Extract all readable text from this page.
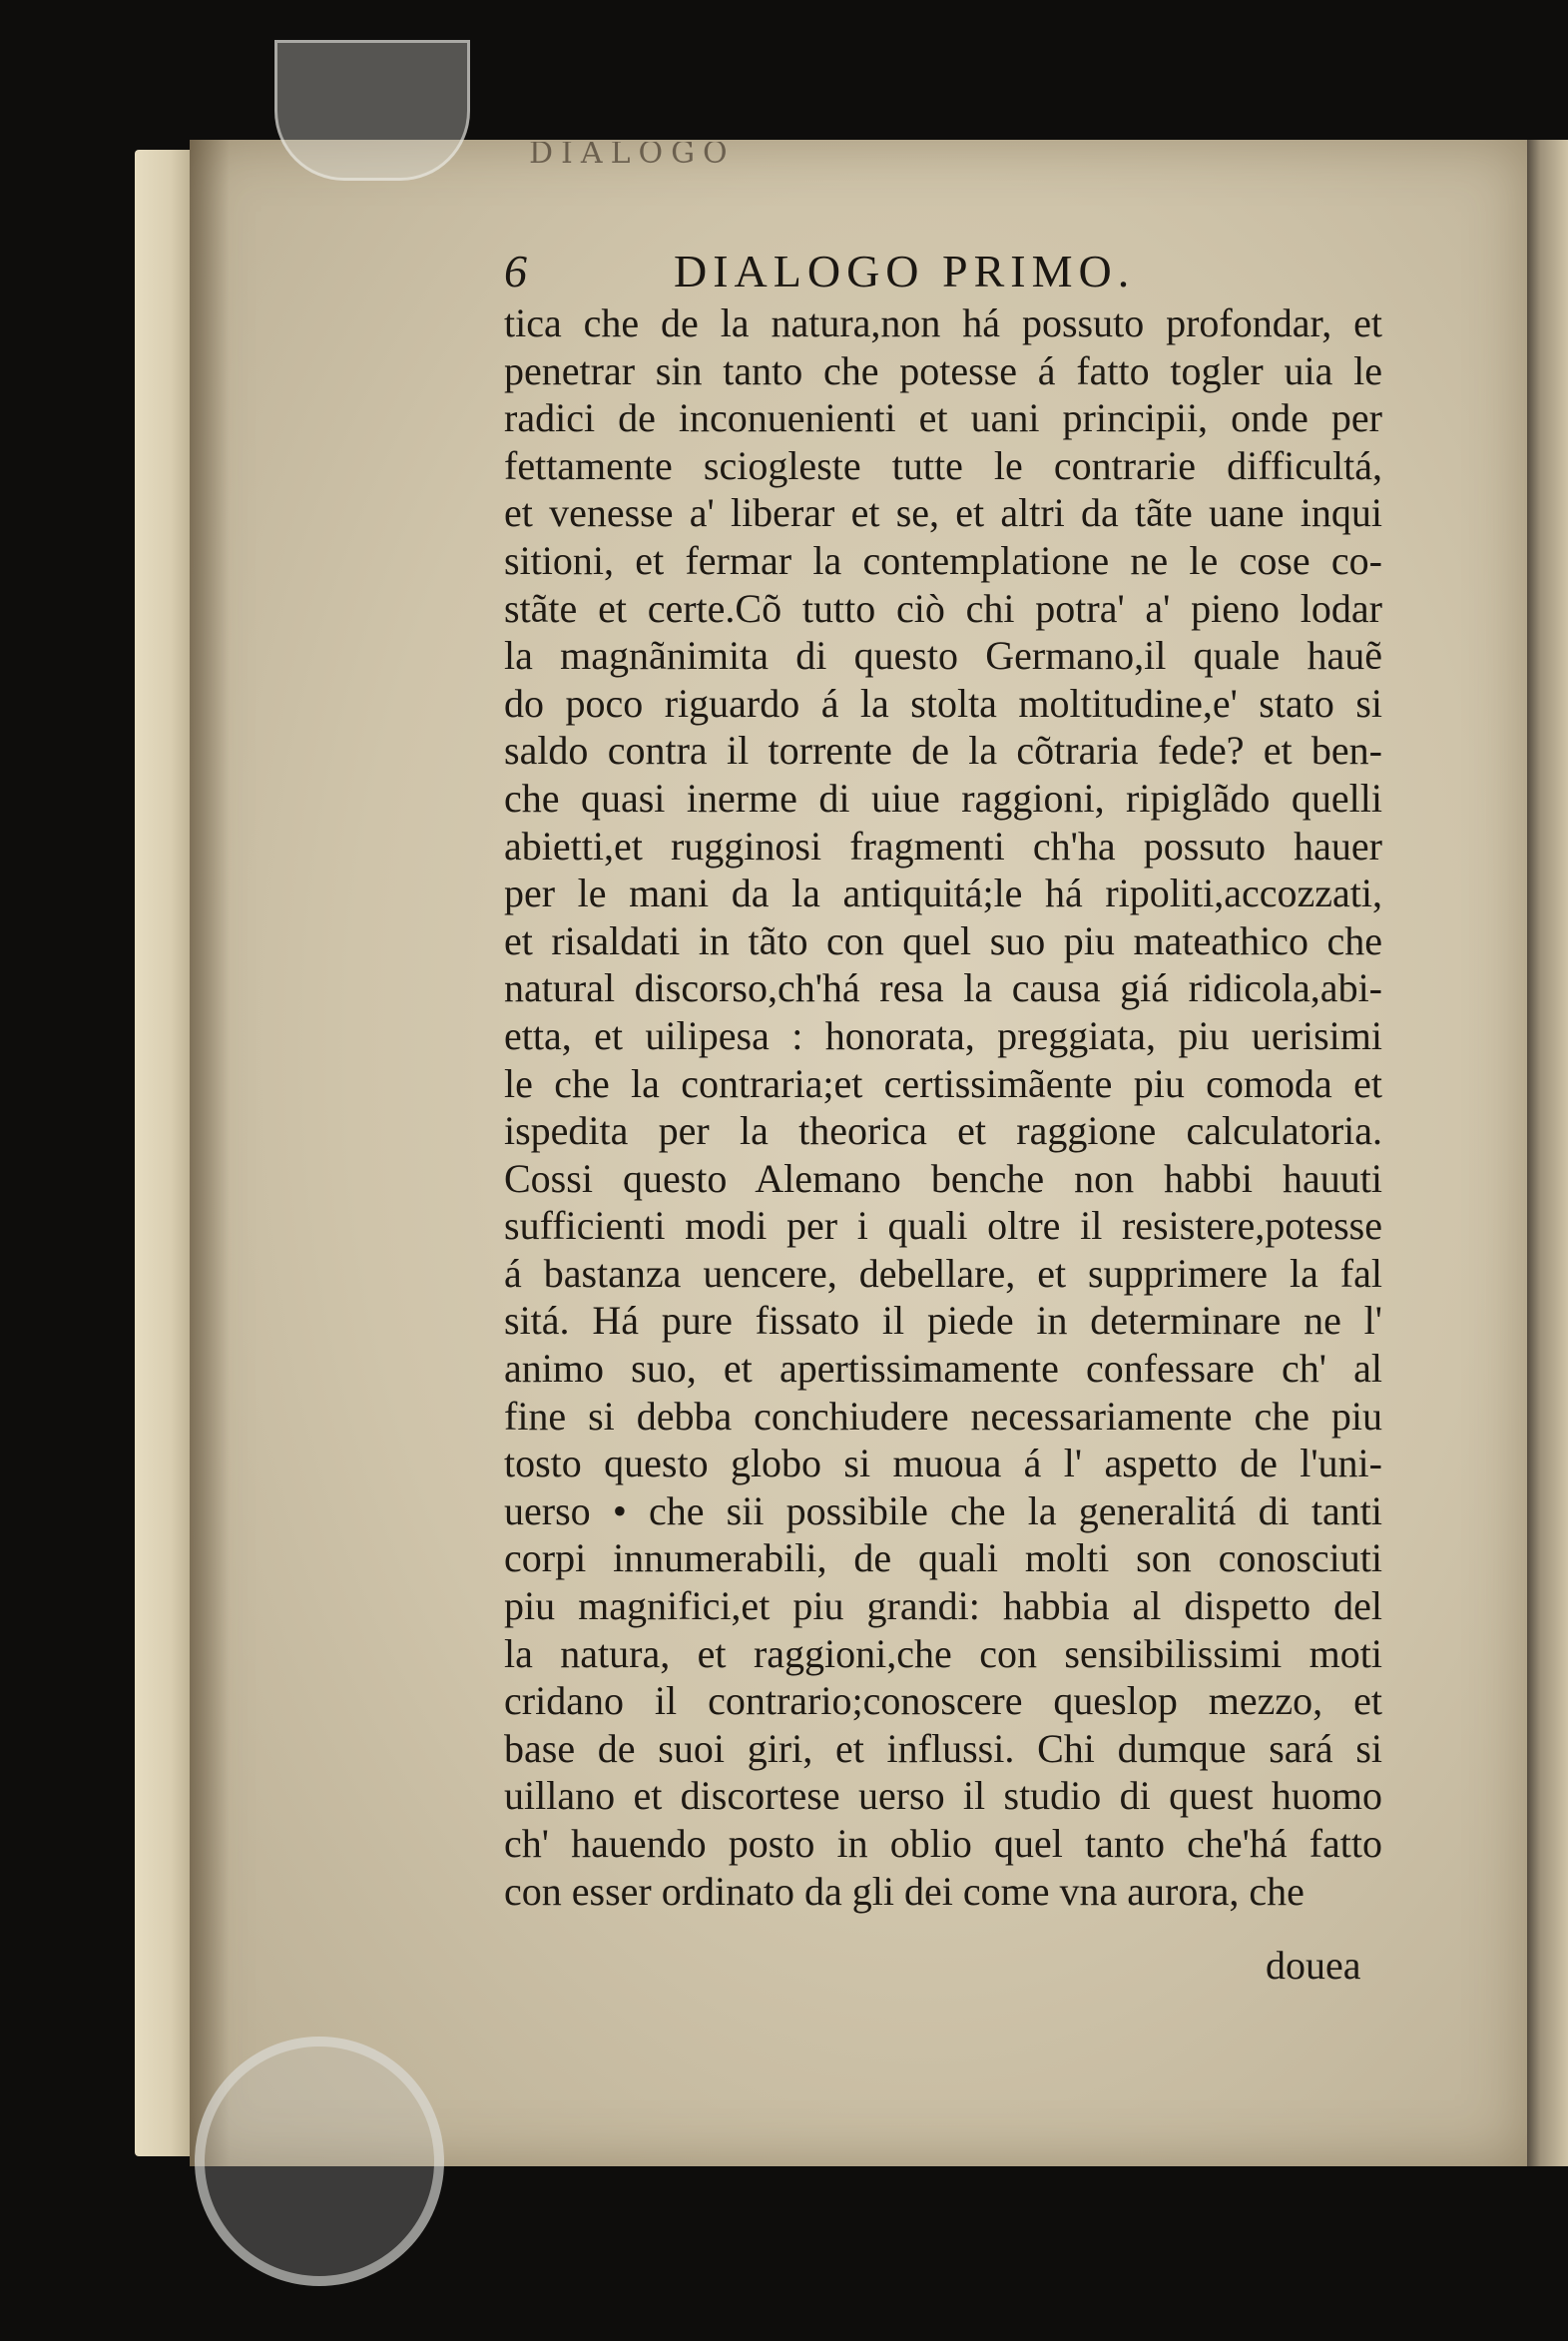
DIALOGO
6	DIALOGO PRIMO.
tica che de la natura,non há possuto profondar, et
penetrar sin tanto che potesse á fatto togler uia le
radici de inconuenienti et uani principii, onde per
fettamente sciogleste tutte le contrarie difficultá,
et venesse a' liberar et se, et altri da tãte uane inqui
sitioni, et fermar la contemplatione ne le cose co-
stãte et certe.Cõ tutto ciò chi potra' a' pieno lodar
la magnãnimita di questo Germano,il quale hauẽ
do poco riguardo á la stolta moltitudine,e' stato si
saldo contra il torrente de la cõtraria fede? et ben-
che quasi inerme di uiue raggioni, ripiglãdo quelli
abietti,et rugginosi fragmenti ch'ha possuto hauer
per le mani da la antiquitá;le há ripoliti,accozzati,
et risaldati in tãto con quel suo piu mateathico che
natural discorso,ch'há resa la causa giá ridicola,abi-
etta, et uilipesa : honorata, preggiata, piu uerisimi
le che la contraria;et certissimãente piu comoda et
ispedita per la theorica et raggione calculatoria.
Cossi questo Alemano benche non habbi hauuti
sufficienti modi per i quali oltre il resistere,potesse
á bastanza uencere, debellare, et supprimere la fal
sitá. Há pure fissato il piede in determinare ne l'
animo suo, et apertissimamente confessare ch' al
fine si debba conchiudere necessariamente che piu
tosto questo globo si muoua á l' aspetto de l'uni-
uerso • che sii possibile che la generalitá di tanti
corpi innumerabili, de quali molti son conosciuti
piu magnifici,et piu grandi: habbia al dispetto del
la natura, et raggioni,che con sensibilissimi moti
cridano il contrario;conoscere queslop mezzo, et
base de suoi giri, et influssi. Chi dumque sará si
uillano et discortese uerso il studio di quest huomo
ch' hauendo posto in oblio quel tanto che'há fatto
con esser ordinato da gli dei come vna aurora, che
douea
